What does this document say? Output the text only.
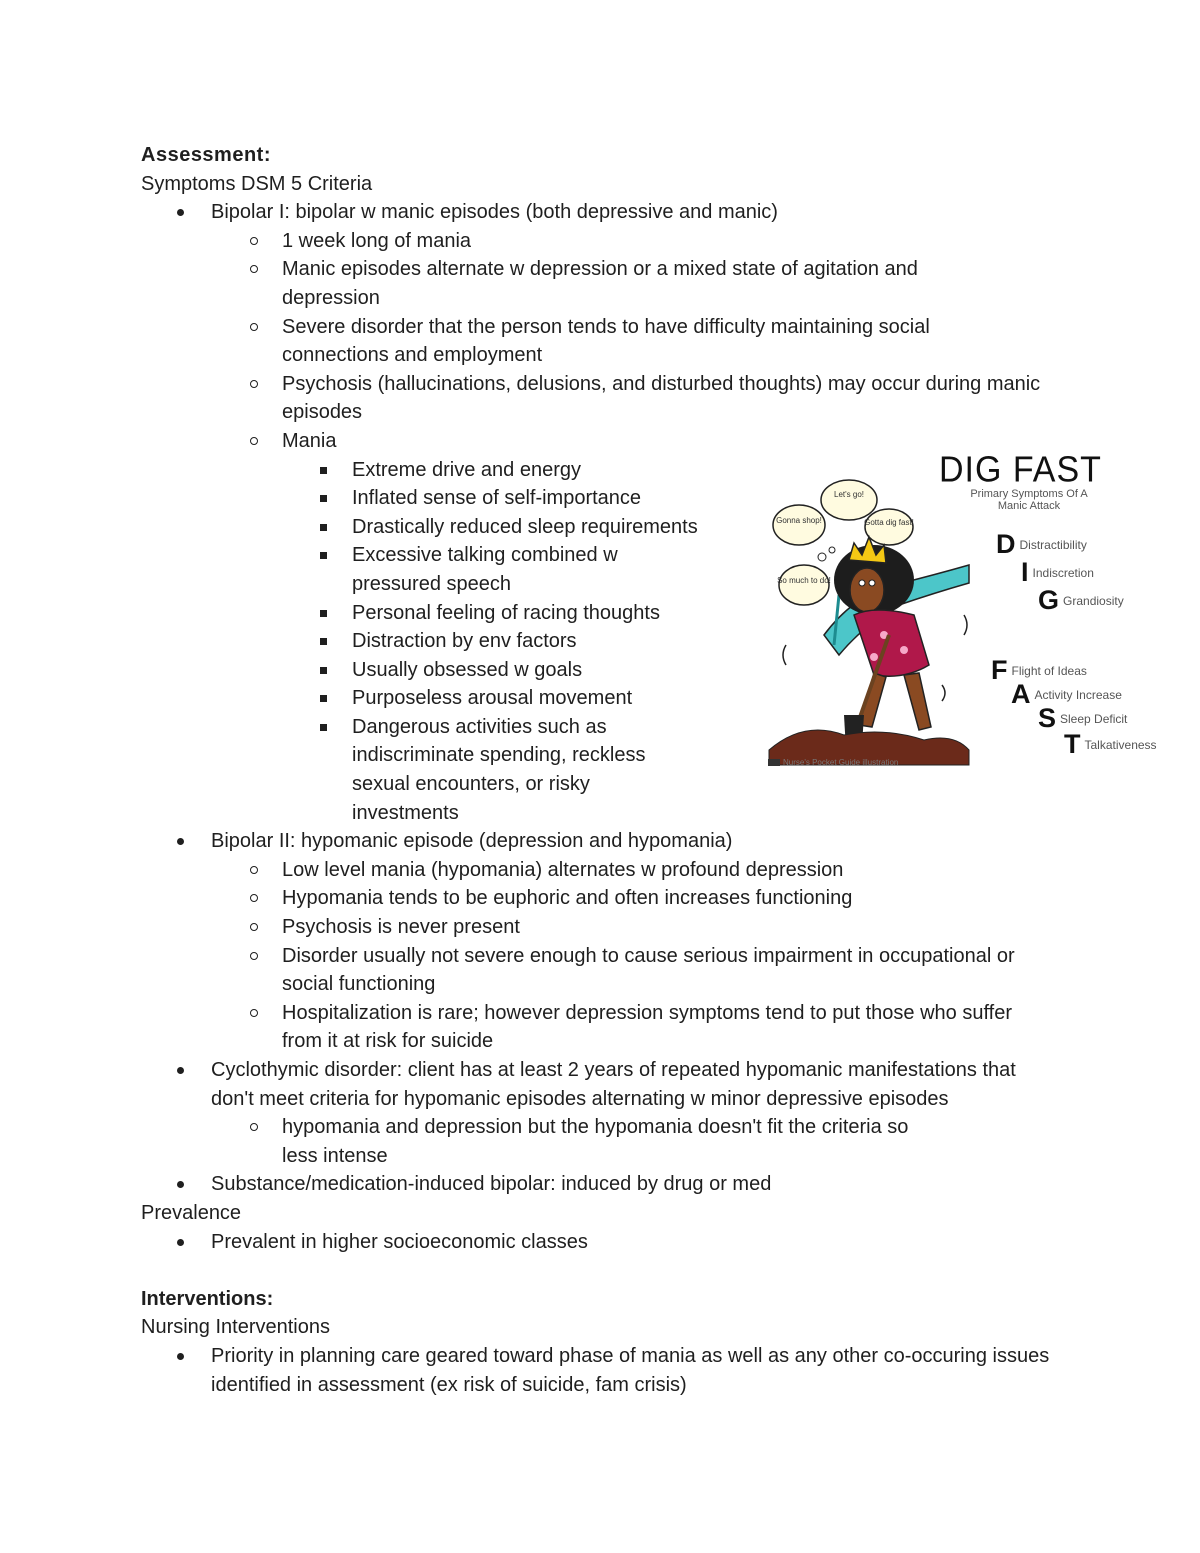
Assessment:

Symptoms DSM 5 Criteria

Bipolar I: bipolar w manic episodes (both depressive and manic)
1 week long of mania
Manic episodes alternate w depression or a mixed state of agitation and depression
Severe disorder that the person tends to have difficulty maintaining social connections and employment
Psychosis (hallucinations, delusions, and disturbed thoughts) may occur during manic episodes
Mania
Extreme drive and energy
Inflated sense of self-importance
Drastically reduced sleep requirements
Excessive talking combined w pressured speech
Personal feeling of racing thoughts
Distraction by env factors
Usually obsessed w goals
Purposeless arousal movement
Dangerous activities such as indiscriminate spending, reckless sexual encounters, or risky investments
Bipolar II: hypomanic episode (depression and hypomania)
Low level mania (hypomania) alternates w profound depression
Hypomania tends to be euphoric and often increases functioning
Psychosis is never present
Disorder usually not severe enough to cause serious impairment in occupational or social functioning
Hospitalization is rare; however depression symptoms tend to put those who suffer from it at risk for suicide
Cyclothymic disorder: client has at least 2 years of repeated hypomanic manifestations that don't meet criteria for hypomanic episodes alternating w minor depressive episodes
hypomania and depression but the hypomania doesn't fit the criteria so less intense
Substance/medication-induced bipolar: induced by drug or med

Prevalence

Prevalent in higher socioeconomic classes

Interventions:

Nursing Interventions

Priority in planning care geared toward phase of mania as well as any other co-occuring issues identified in assessment (ex risk of suicide, fam crisis)
Let's go!
Gotta dig fast!
Gonna shop!
So much to do!
DIG FAST
Primary Symptoms Of A Manic Attack
D Distractibility
I Indiscretion
G Grandiosity
F Flight of Ideas
A Activity Increase
S Sleep Deficit
T Talkativeness
Nurse's Pocket Guide illustration
